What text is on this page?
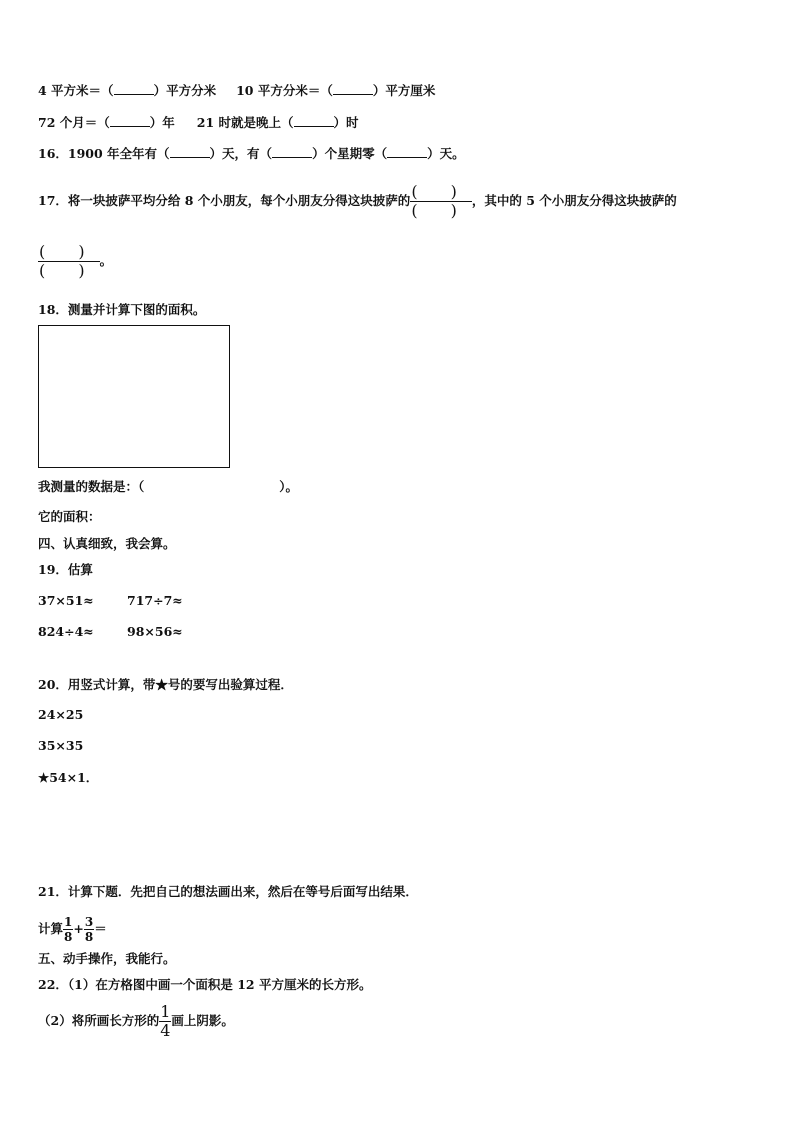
4 平方米＝（	）平方分米 10 平方分米＝（	）平方厘米
72 个月＝（	）年 21 时就是晚上（	）时
16．1900 年全年有（	）天，有（	）个星期零（	）天。
17．将一块披萨平均分给 8 个小朋友，每个小朋友分得这块披萨的 $\frac{( )}{( )}$ ，其中的 5 个小朋友分得这块披萨的
$\frac{( )}{( )}$ 。
18．测量并计算下图的面积。
我测量的数据是：（	）。
它的面积：
四、认真细致，我会算。
19．估算
37×51≈	717÷7≈
824÷4≈	98×56≈
20．用竖式计算，带★号的要写出验算过程．
24×25
35×35
★54×1．
21．计算下题．先把自己的想法画出来，然后在等号后面写出结果．
计算 $\frac{1}{8} + \frac{3}{8}$ ＝
五、动手操作，我能行。
22．（1）在方格图中画一个面积是 12 平方厘米的长方形。
（2）将所画长方形的 $\frac{1}{4}$ 画上阴影。
